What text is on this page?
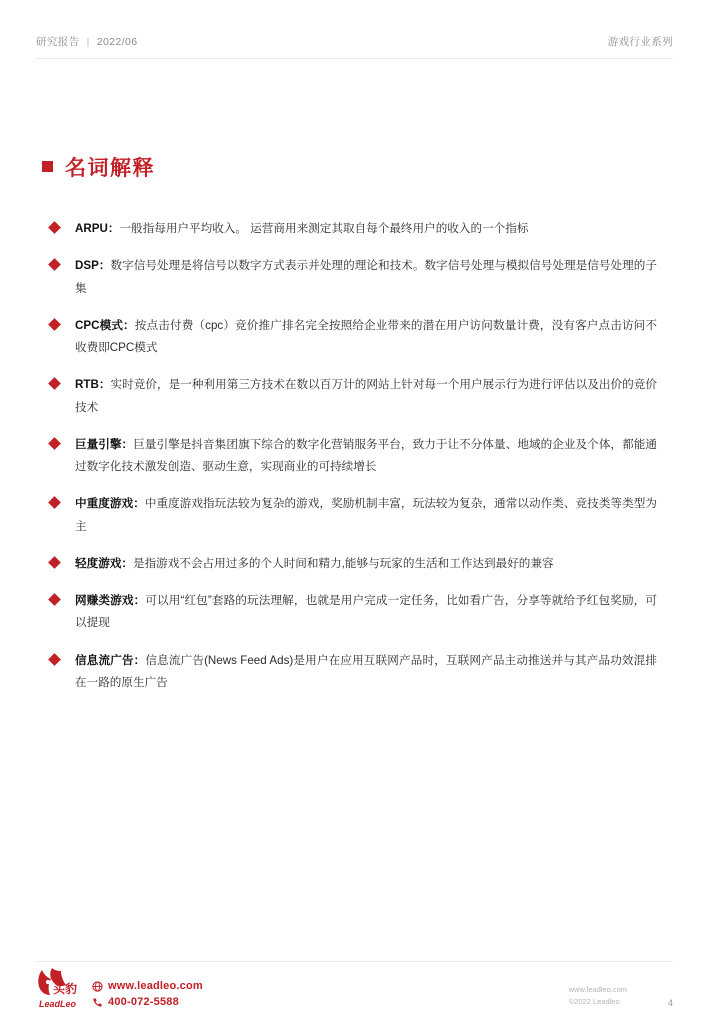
研究报告 | 2022/06	游戏行业系列
名词解释
ARPU：一般指每用户平均收入。 运营商用来测定其取自每个最终用户的收入的一个指标
DSP：数字信号处理是将信号以数字方式表示并处理的理论和技术。数字信号处理与模拟信号处理是信号处理的子集
CPC模式：按点击付费（cpc）竞价推广排名完全按照给企业带来的潜在用户访问数量计费，没有客户点击访问不收费即CPC模式
RTB：实时竞价，是一种利用第三方技术在数以百万计的网站上针对每一个用户展示行为进行评估以及出价的竞价技术
巨量引擎：巨量引擎是抖音集团旗下综合的数字化营销服务平台，致力于让不分体量、地域的企业及个体，都能通过数字化技术激发创造、驱动生意，实现商业的可持续增长
中重度游戏：中重度游戏指玩法较为复杂的游戏，奖励机制丰富，玩法较为复杂，通常以动作类、竞技类等类型为主
轻度游戏：是指游戏不会占用过多的个人时间和精力,能够与玩家的生活和工作达到最好的兼容
网赚类游戏：可以用“红包”套路的玩法理解，也就是用户完成一定任务，比如看广告，分享等就给予红包奖励，可以提现
信息流广告：信息流广告(News Feed Ads)是用户在应用互联网产品时，互联网产品主动推送并与其产品功效混排在一路的原生广告
头豹
LeadLeo
www.leadleo.com
400-072-5588
www.leadleo.com
©2022 Leadleo	4
